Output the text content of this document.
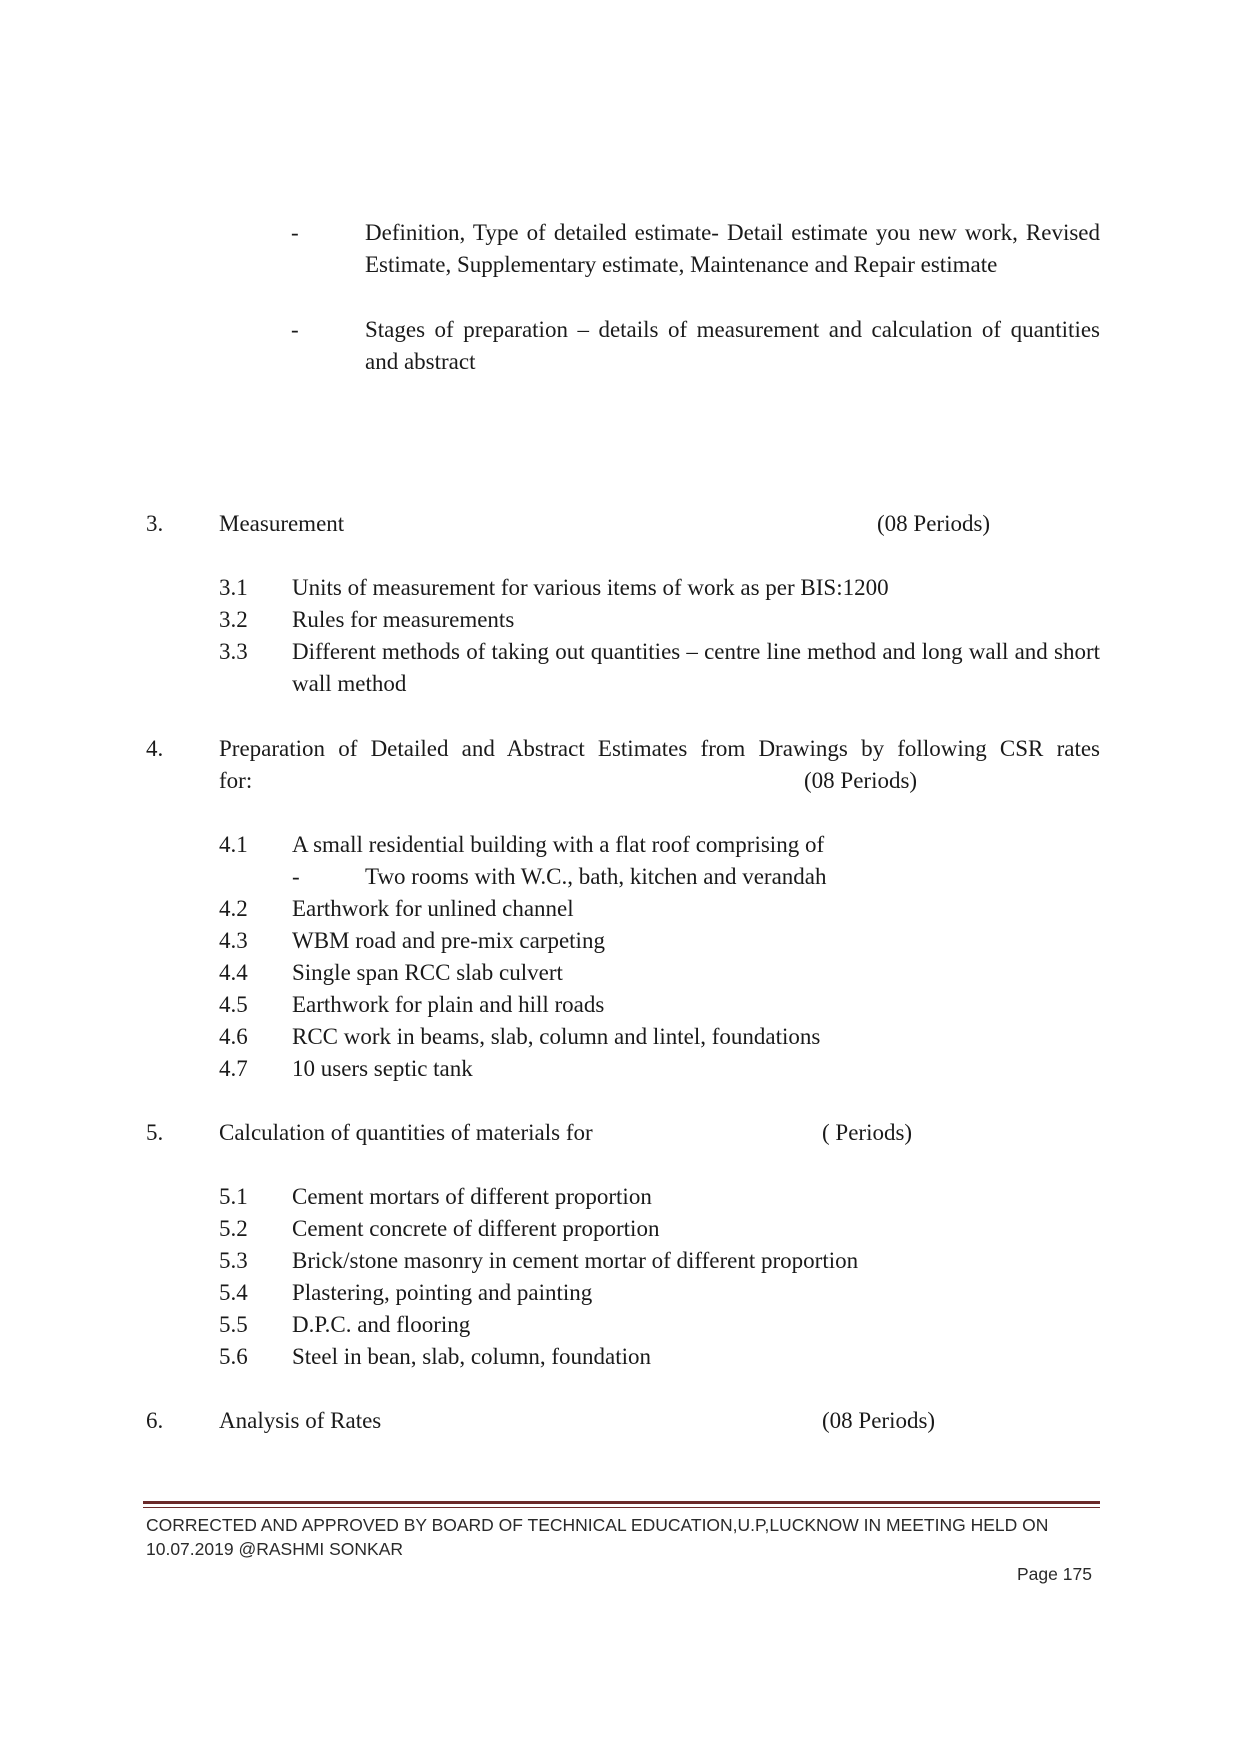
-	Definition, Type of detailed estimate- Detail estimate you new work, Revised Estimate, Supplementary estimate, Maintenance and Repair estimate
-	Stages of preparation – details of measurement and calculation of quantities and abstract
3. Measurement	(08 Periods)
3.1 Units of measurement for various items of work as per BIS:1200
3.2 Rules for measurements
3.3 Different methods of taking out quantities – centre line method and long wall and short wall method
4. Preparation of Detailed and Abstract Estimates from Drawings by following CSR rates
for:	(08 Periods)
4.1 A small residential building with a flat roof comprising of
-	Two rooms with W.C., bath, kitchen and verandah
4.2 Earthwork for unlined channel
4.3 WBM road and pre-mix carpeting
4.4 Single span RCC slab culvert
4.5 Earthwork for plain and hill roads
4.6 RCC work in beams, slab, column and lintel, foundations
4.7 10 users septic tank
5. Calculation of quantities of materials for	( Periods)
5.1 Cement mortars of different proportion
5.2 Cement concrete of different proportion
5.3 Brick/stone masonry in cement mortar of different proportion
5.4 Plastering, pointing and painting
5.5 D.P.C. and flooring
5.6 Steel in bean, slab, column, foundation
6. Analysis of Rates	(08 Periods)
CORRECTED AND APPROVED BY BOARD OF TECHNICAL EDUCATION,U.P,LUCKNOW IN MEETING HELD ON
10.07.2019 @RASHMI SONKAR
Page 175
